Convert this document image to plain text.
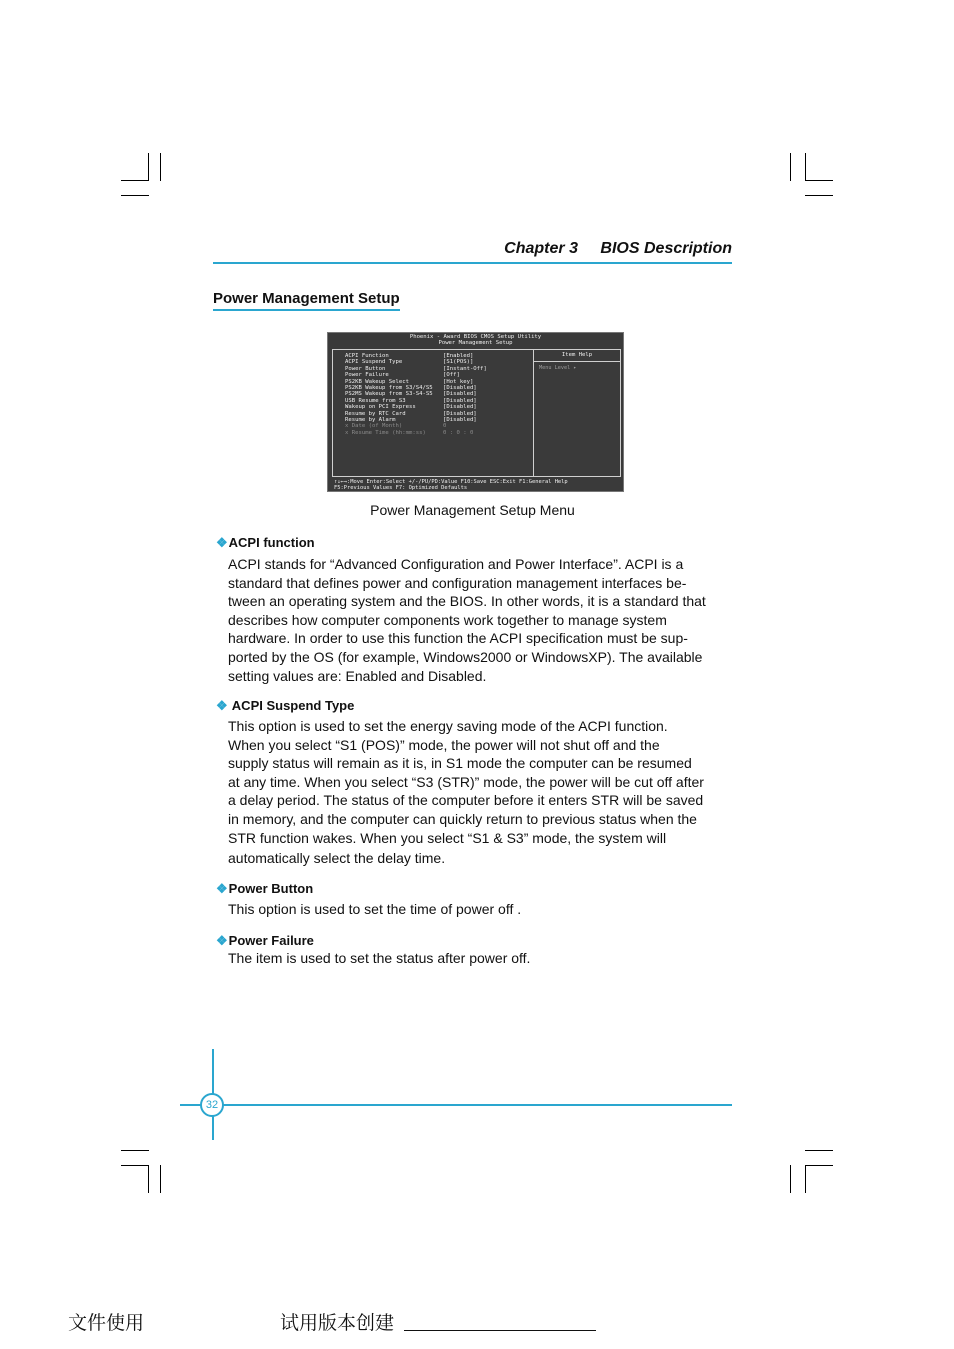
Chapter 3 BIOS Description
Power Management Setup
Phoenix - Award BIOS CMOS Setup Utility
Power Management Setup
ACPI Function	[Enabled]
ACPI Suspend Type	[S1(POS)]
Power Button	[Instant-Off]
Power Failure	[Off]
PS2KB Wakeup Select	[Hot key]
PS2KB Wakeup from S3/S4/S5 [Disabled]
PS2MS Wakeup from S3-S4-S5 [Disabled]
USB Resume from S3	[Disabled]
Wakeup on PCI Express	[Disabled]
Resume by RTC Card	[Disabled]
Resume by Alarm	[Disabled]
x Date (of Month)	0
x Resume Time (hh:mm:ss)	0 : 0 : 0
Item Help
Menu Level ▸
↑↓←→:Move Enter:Select +/-/PU/PD:Value F10:Save ESC:Exit F1:General Help
F5:Previous Values F7: Optimized Defaults
Power Management Setup Menu
❖ACPI function
ACPI stands for “Advanced Configuration and Power Interface”. ACPI is a
standard that defines power and configuration management interfaces be-
tween an operating system and the BIOS. In other words, it is a standard that
describes how computer components work together to manage system
hardware. In order to use this function the ACPI specification must be sup-
ported by the OS (for example, Windows2000 or WindowsXP). The available
setting values are: Enabled and Disabled.
❖ ACPI Suspend Type
This option is used to set the energy saving mode of the ACPI function.
When you select “S1 (POS)” mode, the power will not shut off and the
supply status will remain as it is, in S1 mode the computer can be resumed
at any time. When you select “S3 (STR)” mode, the power will be cut off after
a delay period. The status of the computer before it enters STR will be saved
in memory, and the computer can quickly return to previous status when the
STR function wakes. When you select “S1 & S3” mode, the system will
automatically select the delay time.
❖Power Button
This option is used to set the time of power off .
❖Power Failure
The item is used to set the status after power off.
32
文件使用	试用版本创建
